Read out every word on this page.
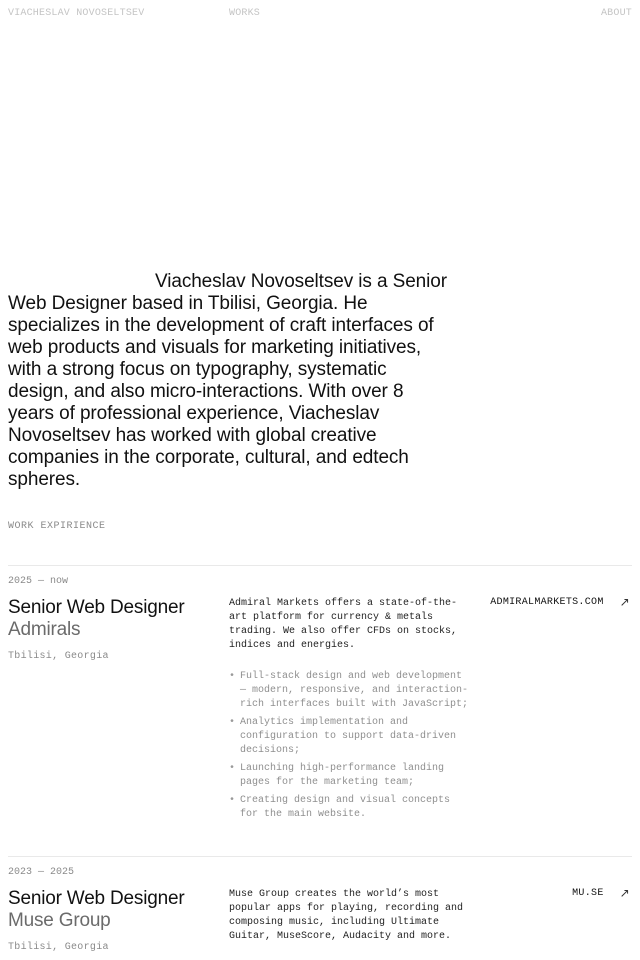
VIACHESLAV NOVOSELTSEV	WORKS	ABOUT

Viacheslav Novoseltsev is a Senior Web Designer based in Tbilisi, Georgia. He specializes in the development of craft interfaces of web products and visuals for marketing initiatives, with a strong focus on typography, systematic design, and also micro-interactions. With over 8 years of professional experience, Viacheslav Novoseltsev has worked with global creative companies in the corporate, cultural, and edtech spheres.

WORK EXPIRIENCE
2025 — now
Senior Web Designer
Admirals
Tbilisi, Georgia

Admiral Markets offers a state-of-the-art platform for currency & metals trading. We also offer CFDs on stocks, indices and energies.

• Full-stack design and web development — modern, responsive, and interaction-rich interfaces built with JavaScript;
• Analytics implementation and configuration to support data-driven decisions;
• Launching high-performance landing pages for the marketing team;
• Creating design and visual concepts for the main website.
ADMIRALMARKETS.COM ↗
2023 — 2025
Senior Web Designer
Muse Group
Tbilisi, Georgia

Muse Group creates the world’s most popular apps for playing, recording and composing music, including Ultimate Guitar, MuseScore, Audacity and more.

MU.SE ↗
